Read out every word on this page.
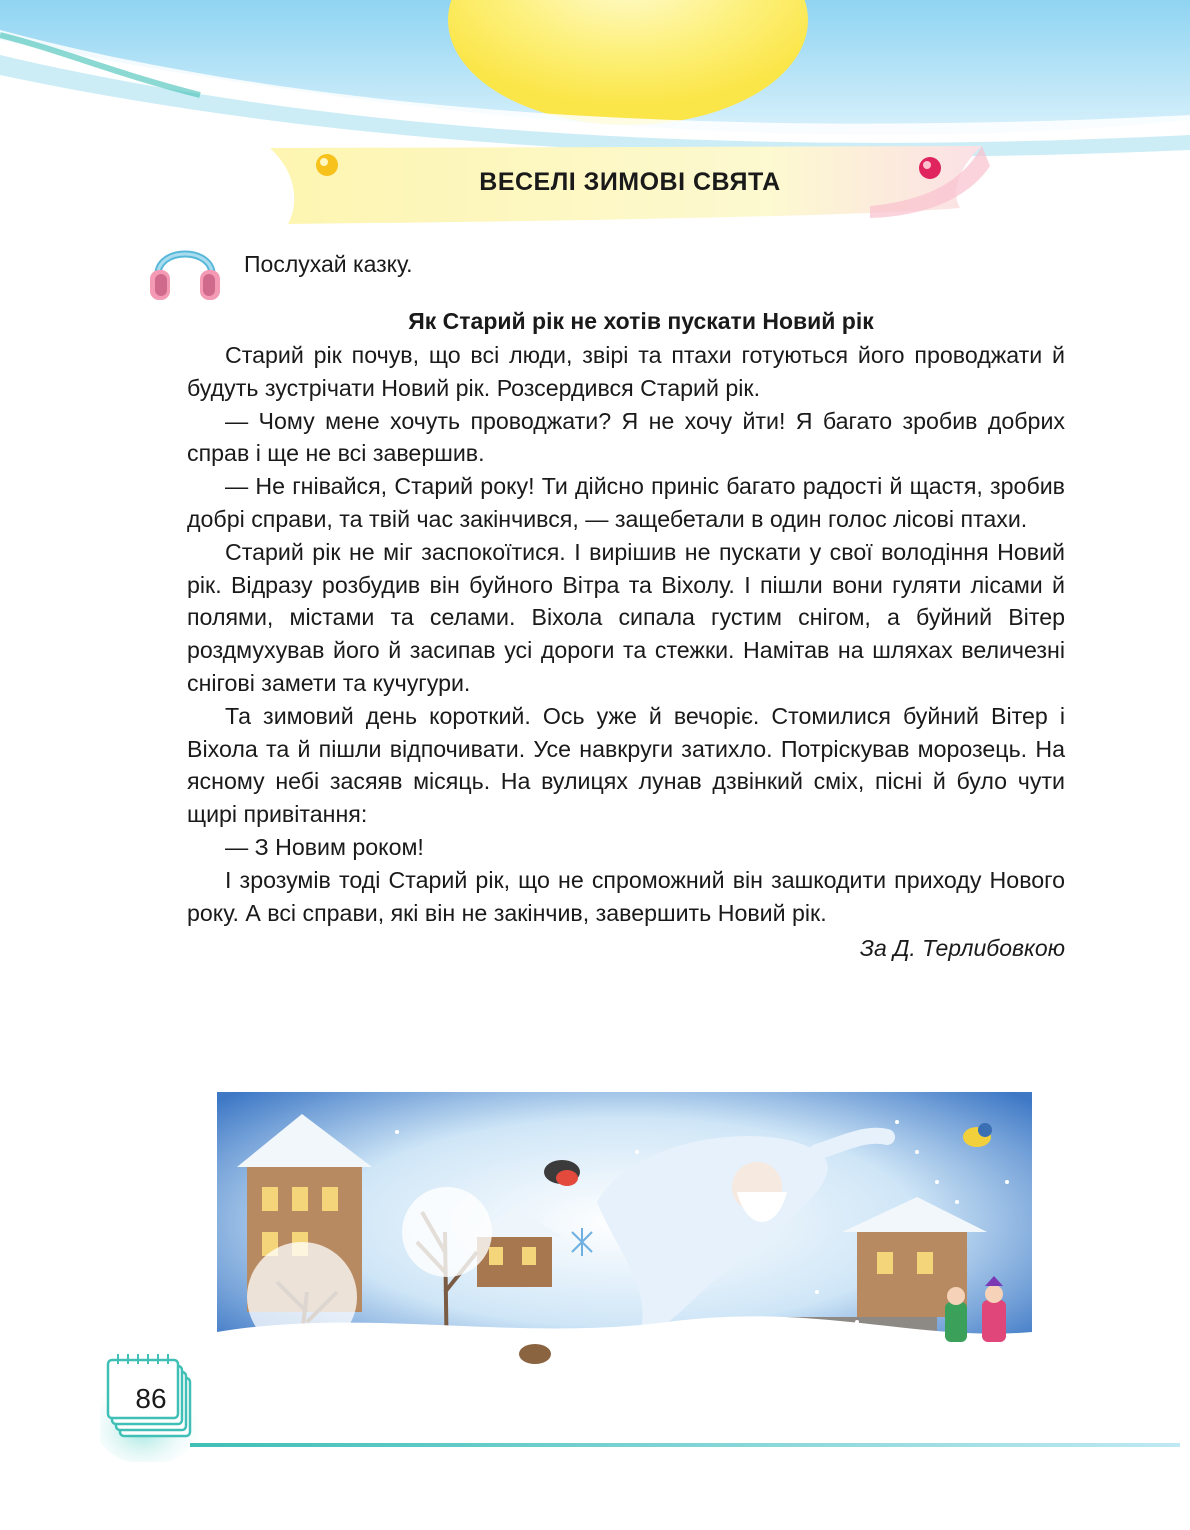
ВЕСЕЛІ ЗИМОВІ СВЯТА
Послухай казку.
Як Старий рік не хотів пускати Новий рік

Старий рік почув, що всі люди, звірі та птахи готуються його проводжати й будуть зустрічати Новий рік. Розсердився Старий рік.

— Чому мене хочуть проводжати? Я не хочу йти! Я багато зробив добрих справ і ще не всі завершив.

— Не гнівайся, Старий року! Ти дійсно приніс багато радості й щастя, зробив добрі справи, та твій час закінчився, — защебетали в один голос лісові птахи.

Старий рік не міг заспокоїтися. І вирішив не пускати у свої володіння Новий рік. Відразу розбудив він буйного Вітра та Віхолу. І пішли вони гуляти лісами й полями, містами та селами. Віхола сипала густим снігом, а буйний Вітер роздмухував його й засипав усі дороги та стежки. Намітав на шляхах величезні снігові замети та кучугури.

Та зимовий день короткий. Ось уже й вечоріє. Стомилися буйний Вітер і Віхола та й пішли відпочивати. Усе навкруги затихло. Потріскував морозець. На ясному небі засяяв місяць. На вулицях лунав дзвінкий сміх, пісні й було чути щирі привітання:

— З Новим роком!

І зрозумів тоді Старий рік, що не спроможний він зашкодити приходу Нового року. А всі справи, які він не закінчив, завершить Новий рік.

За Д. Терлибовкою
86
